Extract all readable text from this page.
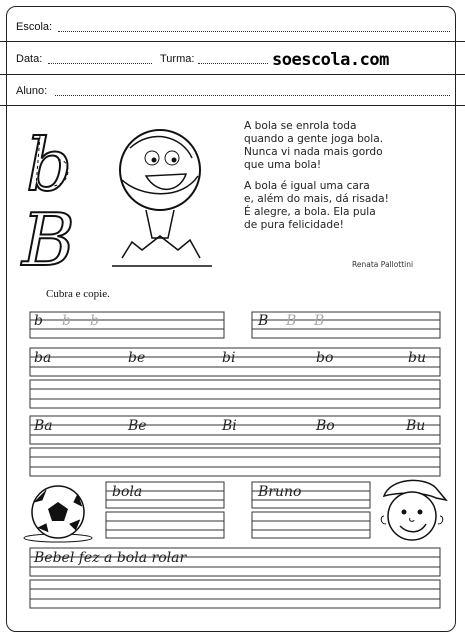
Escola:
Data:	Turma:	soescola.com
Aluno:
b
B

A bola se enrola toda

quando a gente joga bola.

Nunca vi nada mais gordo

que uma bola!

A bola é igual uma cara

e, além do mais, dá risada!

É alegre, a bola. Ela pula

de pura felicidade!

Renata Pallottini
Cubra e copie.
b b b	B B B
ba	be	bi	bo	bu
Ba	Be	Bi	Bo	Bu
bola	Bruno
Bebel fez a bola rolar
